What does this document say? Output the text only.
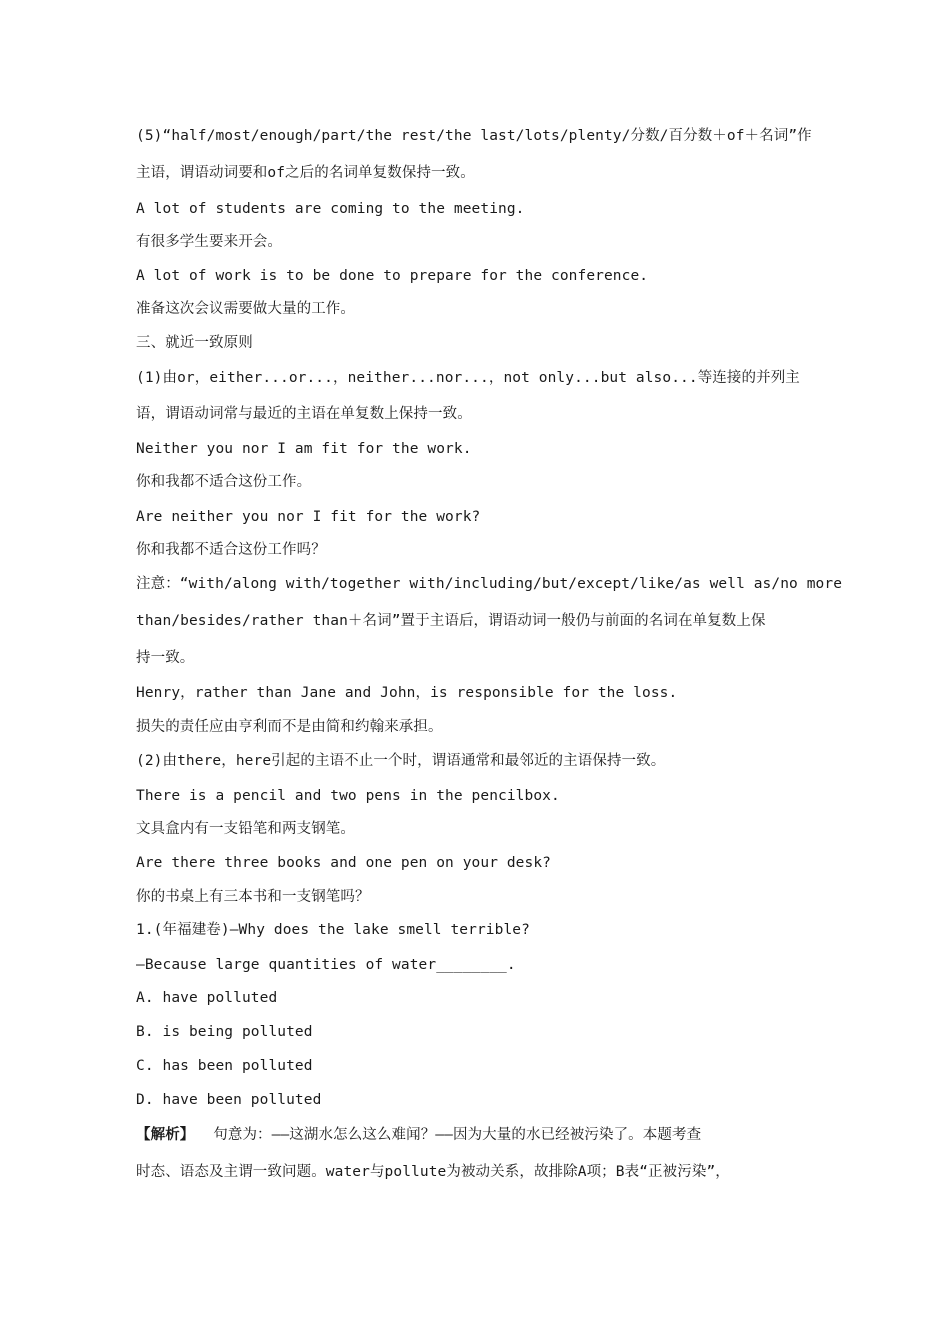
(5)“half/most/enough/part/the rest/the last/lots/plenty/分数/百分数＋of＋名词”作
主语，谓语动词要和of之后的名词单复数保持一致。
A lot of students are coming to the meeting.
有很多学生要来开会。
A lot of work is to be done to prepare for the conference.
准备这次会议需要做大量的工作。
三、就近一致原则
(1)由or，either...or...，neither...nor...，not only...but also...等连接的并列主
语，谓语动词常与最近的主语在单复数上保持一致。
Neither you nor I am fit for the work.
你和我都不适合这份工作。
Are neither you nor I fit for the work?
你和我都不适合这份工作吗？
注意：“with/along with/together with/including/but/except/like/as well as/no more
than/besides/rather than＋名词”置于主语后，谓语动词一般仍与前面的名词在单复数上保
持一致。
Henry，rather than Jane and John，is responsible for the loss.
损失的责任应由亨利而不是由简和约翰来承担。
(2)由there，here引起的主语不止一个时，谓语通常和最邻近的主语保持一致。
There is a pencil and two pens in the pencilbox.
文具盒内有一支铅笔和两支钢笔。
Are there three books and one pen on your desk?
你的书桌上有三本书和一支钢笔吗？
1.(年福建卷)—Why does the lake smell terrible?
—Because large quantities of water________.
A. have polluted
B. is being polluted
C. has been polluted
D. have been polluted
【解析】 句意为：——这湖水怎么这么难闻？——因为大量的水已经被污染了。本题考查
时态、语态及主谓一致问题。water与pollute为被动关系，故排除A项；B表“正被污染”，
